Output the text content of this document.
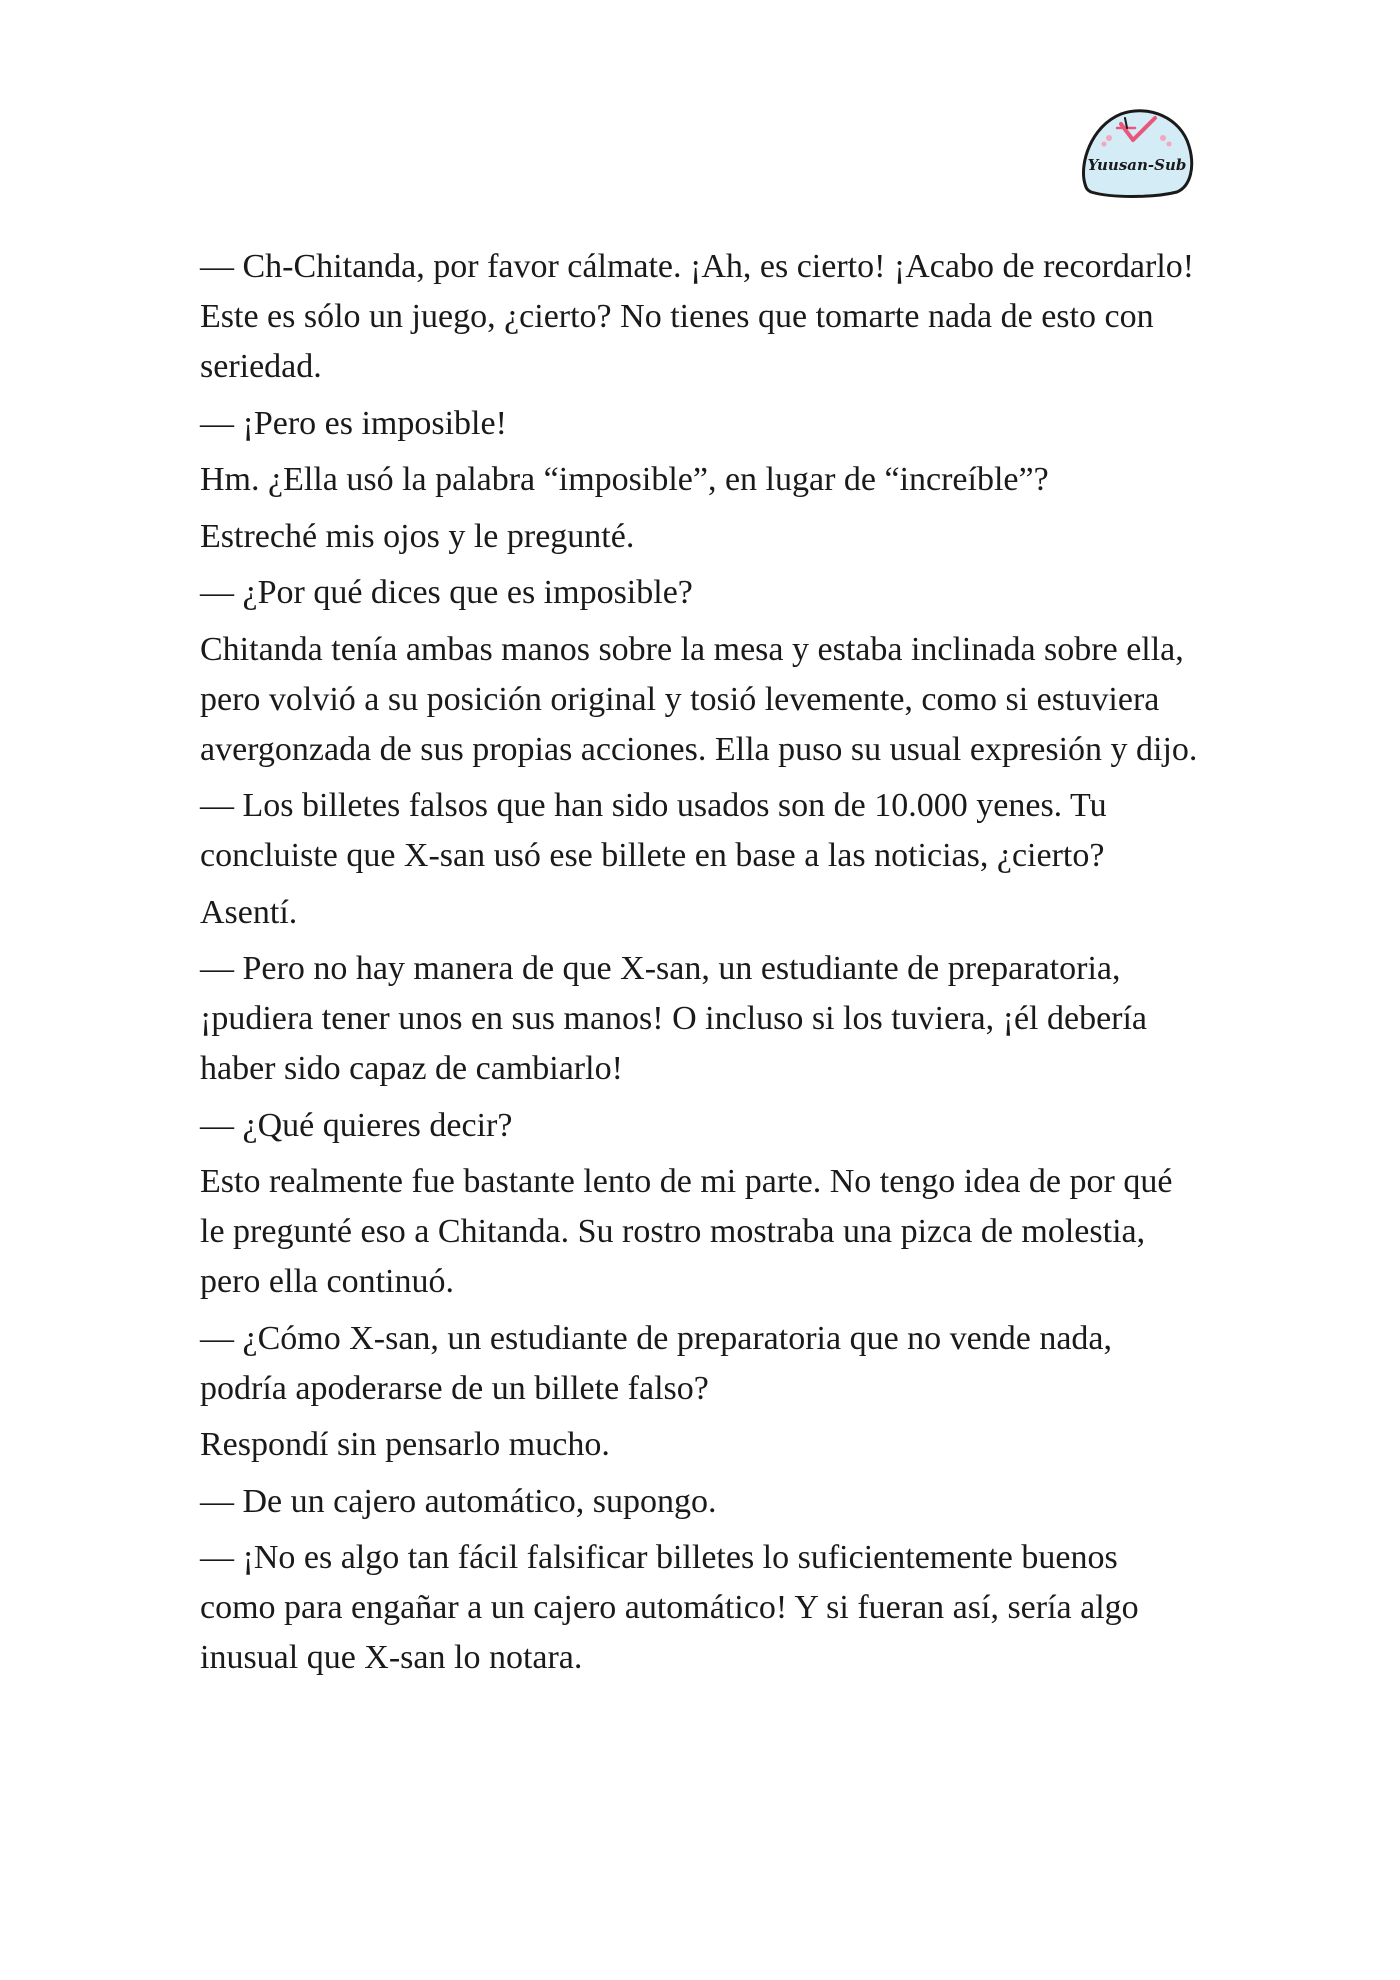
Yuusan-Sub

— Ch-Chitanda, por favor cálmate. ¡Ah, es cierto! ¡Acabo de recordarlo! Este es sólo un juego, ¿cierto? No tienes que tomarte nada de esto con seriedad.

— ¡Pero es imposible!

Hm. ¿Ella usó la palabra “imposible”, en lugar de “increíble”?

Estreché mis ojos y le pregunté.

— ¿Por qué dices que es imposible?

Chitanda tenía ambas manos sobre la mesa y estaba inclinada sobre ella, pero volvió a su posición original y tosió levemente, como si estuviera avergonzada de sus propias acciones. Ella puso su usual expresión y dijo.

— Los billetes falsos que han sido usados son de 10.000 yenes. Tu concluiste que X-san usó ese billete en base a las noticias, ¿cierto?

Asentí.

— Pero no hay manera de que X-san, un estudiante de preparatoria, ¡pudiera tener unos en sus manos! O incluso si los tuviera, ¡él debería haber sido capaz de cambiarlo!

— ¿Qué quieres decir?

Esto realmente fue bastante lento de mi parte. No tengo idea de por qué le pregunté eso a Chitanda. Su rostro mostraba una pizca de molestia, pero ella continuó.

— ¿Cómo X-san, un estudiante de preparatoria que no vende nada, podría apoderarse de un billete falso?

Respondí sin pensarlo mucho.

— De un cajero automático, supongo.

— ¡No es algo tan fácil falsificar billetes lo suficientemente buenos como para engañar a un cajero automático! Y si fueran así, sería algo inusual que X-san lo notara.
